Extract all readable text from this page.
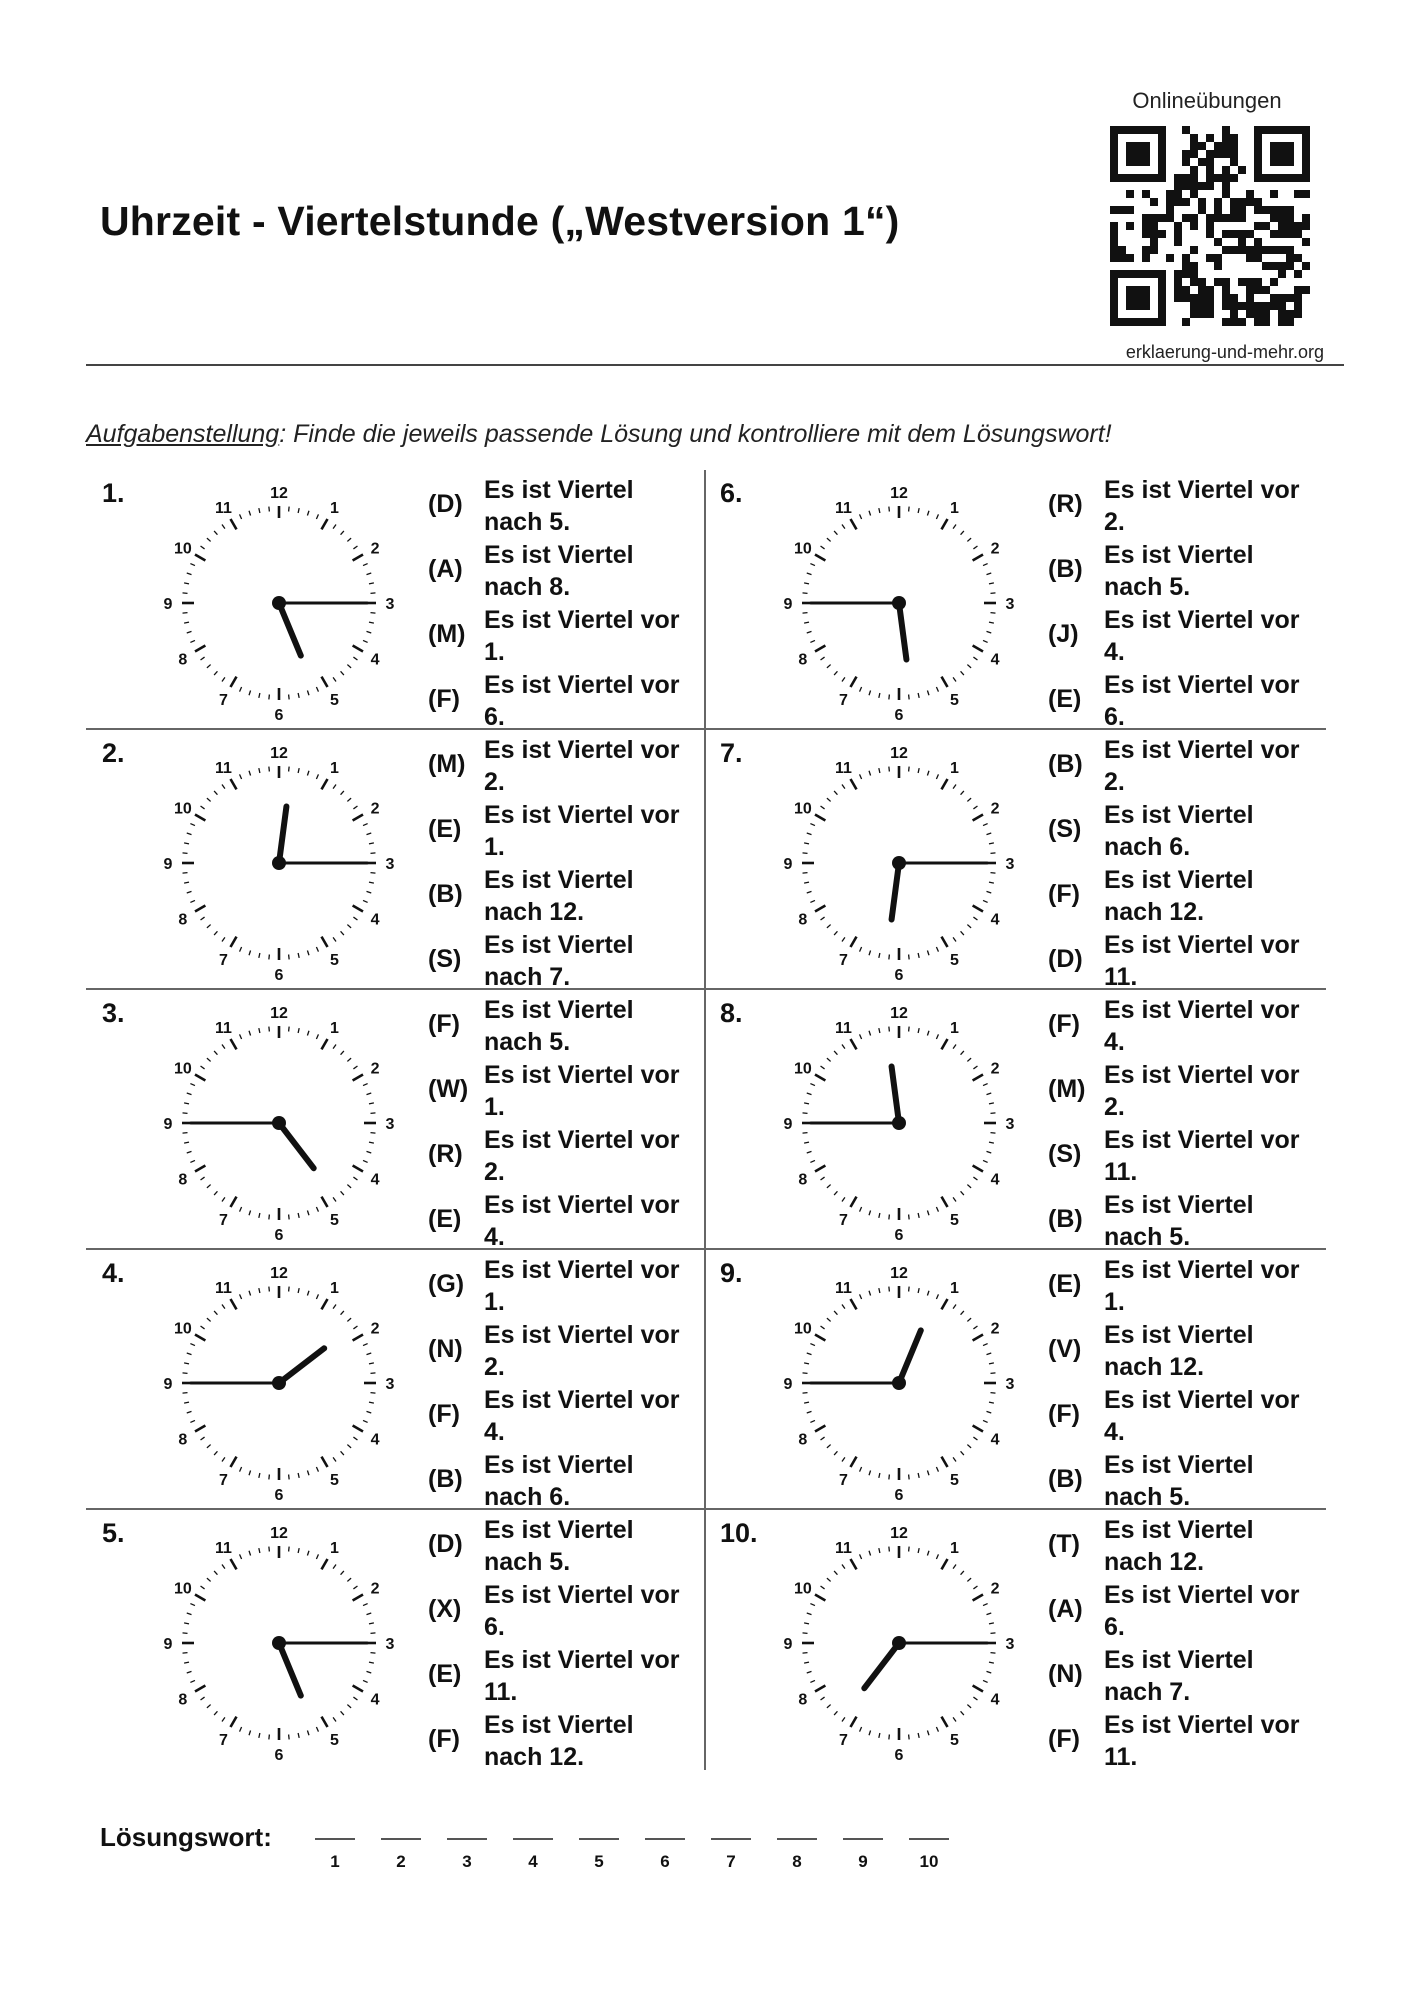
Onlineübungen
erklaerung-und-mehr.org
Uhrzeit - Viertelstunde („Westversion 1“)
Aufgabenstellung: Finde die jeweils passende Lösung und kontrolliere mit dem Lösungswort!
1.	12
1
2
3
4
5
6
7
8
9
10
11	(D) Es ist Viertel nach 5.
(A) Es ist Viertel nach 8.
(M) Es ist Viertel vor 1.
(F) Es ist Viertel vor 6.
6.	12
1
2
3
4
5
6
7
8
9
10
11	(R) Es ist Viertel vor 2.
(B) Es ist Viertel nach 5.
(J) Es ist Viertel vor 4.
(E) Es ist Viertel vor 6.
2.	12
1
2
3
4
5
6
7
8
9
10
11	(M) Es ist Viertel vor 2.
(E) Es ist Viertel vor 1.
(B) Es ist Viertel nach 12.
(S) Es ist Viertel nach 7.
7.	12
1
2
3
4
5
6
7
8
9
10
11	(B) Es ist Viertel vor 2.
(S) Es ist Viertel nach 6.
(F) Es ist Viertel nach 12.
(D) Es ist Viertel vor 11.
3.	12
1
2
3
4
5
6
7
8
9
10
11	(F) Es ist Viertel nach 5.
(W) Es ist Viertel vor 1.
(R) Es ist Viertel vor 2.
(E) Es ist Viertel vor 4.
8.	12
1
2
3
4
5
6
7
8
9
10
11	(F) Es ist Viertel vor 4.
(M) Es ist Viertel vor 2.
(S) Es ist Viertel vor 11.
(B) Es ist Viertel nach 5.
4.	12
1
2
3
4
5
6
7
8
9
10
11	(G) Es ist Viertel vor 1.
(N) Es ist Viertel vor 2.
(F) Es ist Viertel vor 4.
(B) Es ist Viertel nach 6.
9.	12
1
2
3
4
5
6
7
8
9
10
11	(E) Es ist Viertel vor 1.
(V) Es ist Viertel nach 12.
(F) Es ist Viertel vor 4.
(B) Es ist Viertel nach 5.
5.	12
1
2
3
4
5
6
7
8
9
10
11	(D) Es ist Viertel nach 5.
(X) Es ist Viertel vor 6.
(E) Es ist Viertel vor 11.
(F) Es ist Viertel nach 12.
10.	12
1
2
3
4
5
6
7
8
9
10
11	(T) Es ist Viertel nach 12.
(A) Es ist Viertel vor 6.
(N) Es ist Viertel nach 7.
(F) Es ist Viertel vor 11.
Lösungswort:
1	2	3	4	5	6	7	8	9	10
